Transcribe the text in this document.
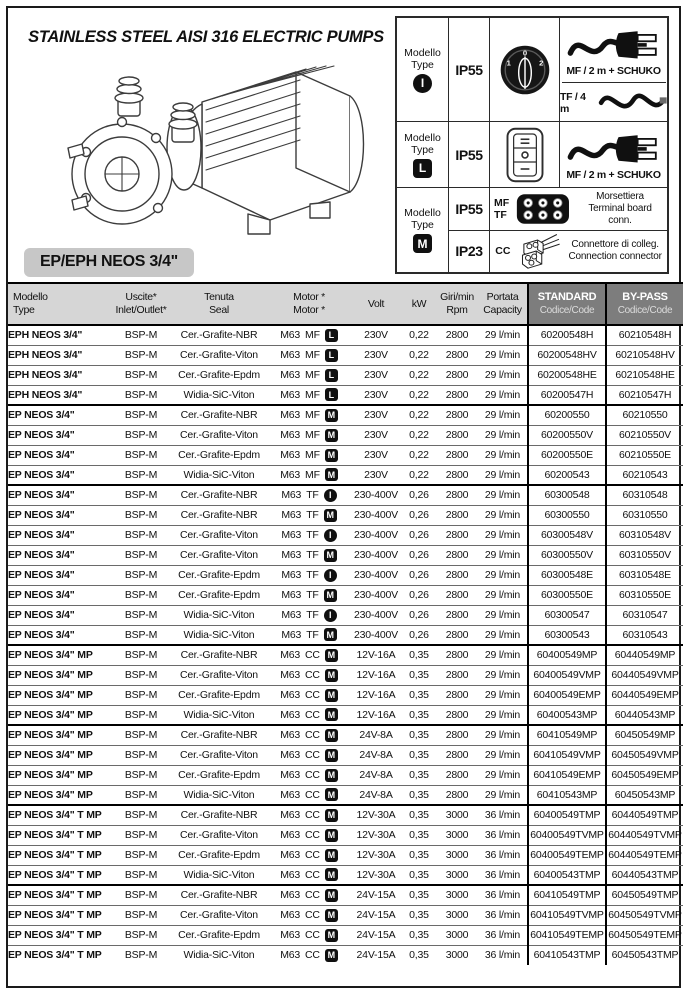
STAINLESS STEEL AISI 316 ELECTRIC PUMPS
EP/EPH NEOS 3/4"
Modello
Type
I
IP55
0
1	2
MF / 2 m + SCHUKO
TF / 4 m
Modello
Type
L
IP55
MF / 2 m + SCHUKO
Modello
Type
M
IP55	MF
TF
Morsettiera
Terminal board conn.
IP23	CC
Connettore di colleg.
Connection connector
Modello
Type

Uscite*
Inlet/Outlet*

Tenuta
Seal

Motor *
Motor *

Volt	kW

Giri/min
Rpm

Portata
Capacity

STANDARD
Codice/Code

BY-PASS
Codice/Code

EPH NEOS 3/4"	BSP-M	Cer.-Grafite-NBR	M63 MF L	230V	0,22	2800	29 l/min	60200548H	60210548H
EPH NEOS 3/4"	BSP-M	Cer.-Grafite-Viton	M63 MF L	230V	0,22	2800	29 l/min	60200548HV	60210548HV
EPH NEOS 3/4"	BSP-M	Cer.-Grafite-Epdm	M63 MF L	230V	0,22	2800	29 l/min	60200548HE	60210548HE
EPH NEOS 3/4"	BSP-M	Widia-SiC-Viton	M63 MF L	230V	0,22	2800	29 l/min	60200547H	60210547H
EP NEOS 3/4"	BSP-M	Cer.-Grafite-NBR	M63 MF M	230V	0,22	2800	29 l/min	60200550	60210550
EP NEOS 3/4"	BSP-M	Cer.-Grafite-Viton	M63 MF M	230V	0,22	2800	29 l/min	60200550V	60210550V
EP NEOS 3/4"	BSP-M	Cer.-Grafite-Epdm	M63 MF M	230V	0,22	2800	29 l/min	60200550E	60210550E
EP NEOS 3/4"	BSP-M	Widia-SiC-Viton	M63 MF M	230V	0,22	2800	29 l/min	60200543	60210543
EP NEOS 3/4"	BSP-M	Cer.-Grafite-NBR	M63 TF I	230-400V	0,26	2800	29 l/min	60300548	60310548
EP NEOS 3/4"	BSP-M	Cer.-Grafite-NBR	M63 TF M	230-400V	0,26	2800	29 l/min	60300550	60310550
EP NEOS 3/4"	BSP-M	Cer.-Grafite-Viton	M63 TF I	230-400V	0,26	2800	29 l/min	60300548V	60310548V
EP NEOS 3/4"	BSP-M	Cer.-Grafite-Viton	M63 TF M	230-400V	0,26	2800	29 l/min	60300550V	60310550V
EP NEOS 3/4"	BSP-M	Cer.-Grafite-Epdm	M63 TF I	230-400V	0,26	2800	29 l/min	60300548E	60310548E
EP NEOS 3/4"	BSP-M	Cer.-Grafite-Epdm	M63 TF M	230-400V	0,26	2800	29 l/min	60300550E	60310550E
EP NEOS 3/4"	BSP-M	Widia-SiC-Viton	M63 TF I	230-400V	0,26	2800	29 l/min	60300547	60310547
EP NEOS 3/4"	BSP-M	Widia-SiC-Viton	M63 TF M	230-400V	0,26	2800	29 l/min	60300543	60310543
EP NEOS 3/4" MP	BSP-M	Cer.-Grafite-NBR	M63 CC M	12V-16A	0,35	2800	29 l/min	60400549MP	60440549MP
EP NEOS 3/4" MP	BSP-M	Cer.-Grafite-Viton	M63 CC M	12V-16A	0,35	2800	29 l/min	60400549VMP	60440549VMP
EP NEOS 3/4" MP	BSP-M	Cer.-Grafite-Epdm	M63 CC M	12V-16A	0,35	2800	29 l/min	60400549EMP	60440549EMP
EP NEOS 3/4" MP	BSP-M	Widia-SiC-Viton	M63 CC M	12V-16A	0,35	2800	29 l/min	60400543MP	60440543MP
EP NEOS 3/4" MP	BSP-M	Cer.-Grafite-NBR	M63 CC M	24V-8A	0,35	2800	29 l/min	60410549MP	60450549MP
EP NEOS 3/4" MP	BSP-M	Cer.-Grafite-Viton	M63 CC M	24V-8A	0,35	2800	29 l/min	60410549VMP	60450549VMP
EP NEOS 3/4" MP	BSP-M	Cer.-Grafite-Epdm	M63 CC M	24V-8A	0,35	2800	29 l/min	60410549EMP	60450549EMP
EP NEOS 3/4" MP	BSP-M	Widia-SiC-Viton	M63 CC M	24V-8A	0,35	2800	29 l/min	60410543MP	60450543MP
EP NEOS 3/4" T MP	BSP-M	Cer.-Grafite-NBR	M63 CC M	12V-30A	0,35	3000	36 l/min	60400549TMP	60440549TMP
EP NEOS 3/4" T MP	BSP-M	Cer.-Grafite-Viton	M63 CC M	12V-30A	0,35	3000	36 l/min	60400549TVMP	60440549TVMP
EP NEOS 3/4" T MP	BSP-M	Cer.-Grafite-Epdm	M63 CC M	12V-30A	0,35	3000	36 l/min	60400549TEMP	60440549TEMP
EP NEOS 3/4" T MP	BSP-M	Widia-SiC-Viton	M63 CC M	12V-30A	0,35	3000	36 l/min	60400543TMP	60440543TMP
EP NEOS 3/4" T MP	BSP-M	Cer.-Grafite-NBR	M63 CC M	24V-15A	0,35	3000	36 l/min	60410549TMP	60450549TMP
EP NEOS 3/4" T MP	BSP-M	Cer.-Grafite-Viton	M63 CC M	24V-15A	0,35	3000	36 l/min	60410549TVMP	60450549TVMP
EP NEOS 3/4" T MP	BSP-M	Cer.-Grafite-Epdm	M63 CC M	24V-15A	0,35	3000	36 l/min	60410549TEMP	60450549TEMP
EP NEOS 3/4" T MP	BSP-M	Widia-SiC-Viton	M63 CC M	24V-15A	0,35	3000	36 l/min	60410543TMP	60450543TMP
